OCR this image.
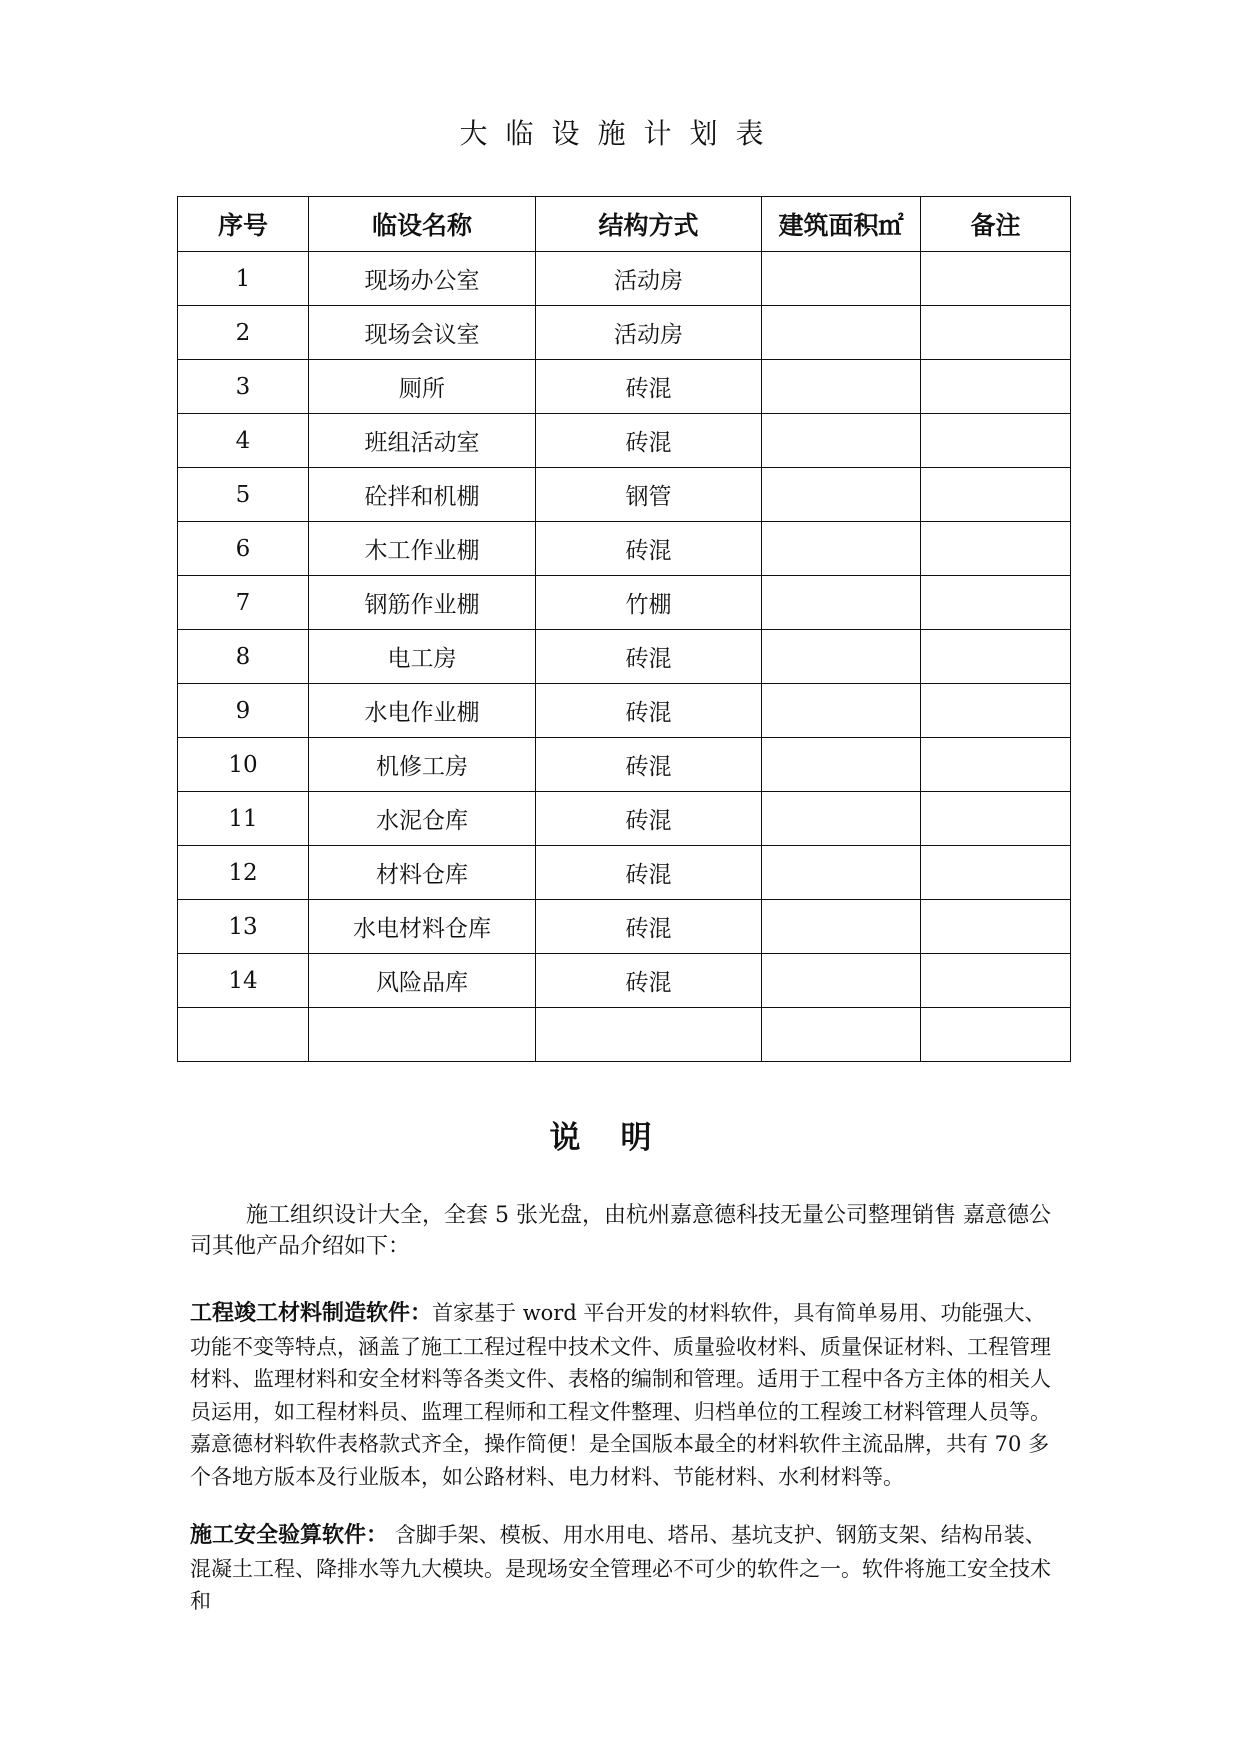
大临设施计划表
序号	临设名称	结构方式	建筑面积㎡	备注
1	现场办公室	活动房		
2	现场会议室	活动房		
3	厕所	砖混		
4	班组活动室	砖混		
5	砼拌和机棚	钢管		
6	木工作业棚	砖混		
7	钢筋作业棚	竹棚		
8	电工房	砖混		
9	水电作业棚	砖混		
10	机修工房	砖混		
11	水泥仓库	砖混		
12	材料仓库	砖混		
13	水电材料仓库	砖混		
14	风险品库	砖混		

说明
施工组织设计大全，全套 5 张光盘，由杭州嘉意德科技无量公司整理销售 嘉意德公司其他产品介绍如下：
工程竣工材料制造软件：首家基于 word 平台开发的材料软件，具有简单易用、功能强大、功能不变等特点，涵盖了施工工程过程中技术文件、质量验收材料、质量保证材料、工程管理材料、监理材料和安全材料等各类文件、表格的编制和管理。适用于工程中各方主体的相关人员运用，如工程材料员、监理工程师和工程文件整理、归档单位的工程竣工材料管理人员等。 嘉意德材料软件表格款式齐全，操作简便！是全国版本最全的材料软件主流品牌，共有 70 多个各地方版本及行业版本，如公路材料、电力材料、节能材料、水利材料等。
施工安全验算软件： 含脚手架、模板、用水用电、塔吊、基坑支护、钢筋支架、结构吊装、混凝土工程、降排水等九大模块。是现场安全管理必不可少的软件之一。软件将施工安全技术和
